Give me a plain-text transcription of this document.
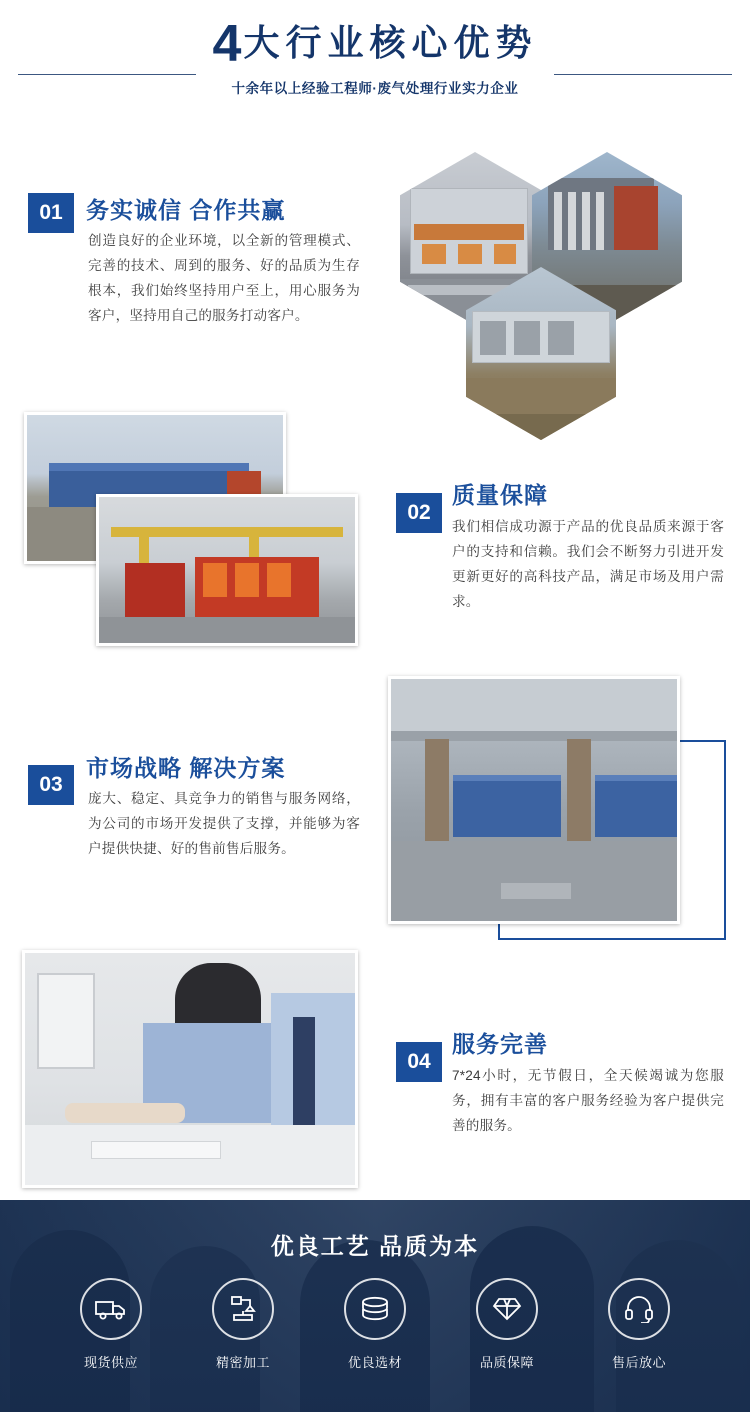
4大行业核心优势
十余年以上经验工程师·废气处理行业实力企业
01	务实诚信 合作共赢
创造良好的企业环境，以全新的管理模式、完善的技术、周到的服务、好的品质为生存根本，我们始终坚持用户至上，用心服务为客户，坚持用自己的服务打动客户。
02
质量保障
我们相信成功源于产品的优良品质来源于客户的支持和信赖。我们会不断努力引进开发更新更好的高科技产品，满足市场及用户需求。
03
市场战略 解决方案
庞大、稳定、具竞争力的销售与服务网络，为公司的市场开发提供了支撑，并能够为客户提供快捷、好的售前售后服务。
04
服务完善
7*24小时，无节假日，全天候竭诚为您服务，拥有丰富的客户服务经验为客户提供完善的服务。
优良工艺 品质为本
现货供应	精密加工	优良选材	品质保障	售后放心
